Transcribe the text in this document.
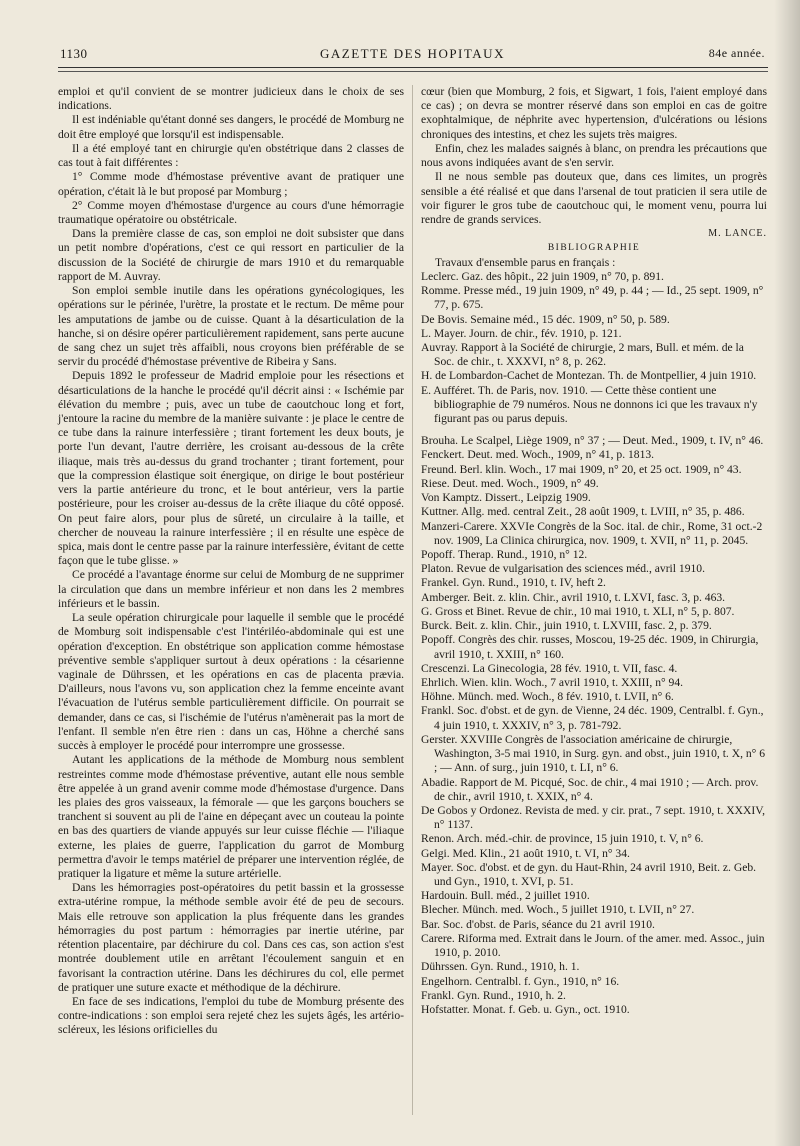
1130	GAZETTE DES HOPITAUX	84e année.

emploi et qu'il convient de se montrer judicieux dans le choix de ses indications.

Il est indéniable qu'étant donné ses dangers, le procédé de Momburg ne doit être employé que lorsqu'il est indispensable.

Il a été employé tant en chirurgie qu'en obstétrique dans 2 classes de cas tout à fait différentes :

1° Comme mode d'hémostase préventive avant de pratiquer une opération, c'était là le but proposé par Momburg ;

2° Comme moyen d'hémostase d'urgence au cours d'une hémorragie traumatique opératoire ou obstétricale.

Dans la première classe de cas, son emploi ne doit subsister que dans un petit nombre d'opérations, c'est ce qui ressort en particulier de la discussion de la Société de chirurgie de mars 1910 et du remarquable rapport de M. Auvray.

Son emploi semble inutile dans les opérations gynécologiques, les opérations sur le périnée, l'urètre, la prostate et le rectum. De même pour les amputations de jambe ou de cuisse. Quant à la désarticulation de la hanche, si on désire opérer particulièrement rapidement, sans perte aucune de sang chez un sujet très affaibli, nous croyons bien préférable de se servir du procédé d'hémostase préventive de Ribeira y Sans.

Depuis 1892 le professeur de Madrid emploie pour les résections et désarticulations de la hanche le procédé qu'il décrit ainsi : « Ischémie par élévation du membre ; puis, avec un tube de caoutchouc long et fort, j'entoure la racine du membre de la manière suivante : je place le centre de ce tube dans la rainure interfessière ; tirant fortement les deux bouts, je porte l'un devant, l'autre derrière, les croisant au-dessous de la crête iliaque, mais très au-dessus du grand trochanter ; tirant fortement, pour que la compression élastique soit énergique, on dirige le bout postérieur vers la partie antérieure du tronc, et le bout antérieur, vers la partie postérieure, pour les croiser au-dessus de la crête iliaque du côté opposé. On peut faire alors, pour plus de sûreté, un circulaire à la taille, et chercher de nouveau la rainure interfessière ; il en résulte une espèce de spica, mais dont le centre passe par la rainure interfessière, évitant de cette façon que le tube glisse. »

Ce procédé a l'avantage énorme sur celui de Momburg de ne supprimer la circulation que dans un membre inférieur et non dans les 2 membres inférieurs et le bassin.

La seule opération chirurgicale pour laquelle il semble que le procédé de Momburg soit indispensable c'est l'intériléo-abdominale qui est une opération d'exception. En obstétrique son application comme hémostase préventive semble s'appliquer surtout à deux opérations : la césarienne vaginale de Dührssen, et les opérations en cas de placenta prævia. D'ailleurs, nous l'avons vu, son application chez la femme enceinte avant l'évacuation de l'utérus semble particulièrement difficile. On pourrait se demander, dans ce cas, si l'ischémie de l'utérus n'amènerait pas la mort de l'enfant. Il semble n'en être rien : dans un cas, Höhne a cherché sans succès à employer le procédé pour interrompre une grossesse.

Autant les applications de la méthode de Momburg nous semblent restreintes comme mode d'hémostase préventive, autant elle nous semble être appelée à un grand avenir comme mode d'hémostase d'urgence. Dans les plaies des gros vaisseaux, la fémorale — que les garçons bouchers se tranchent si souvent au pli de l'aine en dépeçant avec un couteau la pointe en bas des quartiers de viande appuyés sur leur cuisse fléchie — l'iliaque externe, les plaies de guerre, l'application du garrot de Momburg permettra d'avoir le temps matériel de préparer une intervention réglée, de pratiquer la ligature et même la suture artérielle.

Dans les hémorragies post-opératoires du petit bassin et la grossesse extra-utérine rompue, la méthode semble avoir été de peu de secours. Mais elle retrouve son application la plus fréquente dans les grandes hémorragies du post partum : hémorragies par inertie utérine, par rétention placentaire, par déchirure du col. Dans ces cas, son action s'est montrée doublement utile en arrêtant l'écoulement sanguin et en favorisant la contraction utérine. Dans les déchirures du col, elle permet de pratiquer une suture exacte et méthodique de la déchirure.

En face de ses indications, l'emploi du tube de Momburg présente des contre-indications : son emploi sera rejeté chez les sujets âgés, les artério-scléreux, les lésions orificielles du

cœur (bien que Momburg, 2 fois, et Sigwart, 1 fois, l'aient employé dans ce cas) ; on devra se montrer réservé dans son emploi en cas de goitre exophtalmique, de néphrite avec hypertension, d'ulcérations ou lésions chroniques des intestins, et chez les sujets très maigres.

Enfin, chez les malades saignés à blanc, on prendra les précautions que nous avons indiquées avant de s'en servir.

Il ne nous semble pas douteux que, dans ces limites, un progrès sensible a été réalisé et que dans l'arsenal de tout praticien il sera utile de voir figurer le gros tube de caoutchouc qui, le moment venu, pourra lui rendre de grands services.

M. LANCE.

BIBLIOGRAPHIE

Travaux d'ensemble parus en français :

Leclerc. Gaz. des hôpit., 22 juin 1909, n° 70, p. 891.

Romme. Presse méd., 19 juin 1909, n° 49, p. 44 ; — Id., 25 sept. 1909, n° 77, p. 675.

De Bovis. Semaine méd., 15 déc. 1909, n° 50, p. 589.

L. Mayer. Journ. de chir., fév. 1910, p. 121.

Auvray. Rapport à la Société de chirurgie, 2 mars, Bull. et mém. de la Soc. de chir., t. XXXVI, n° 8, p. 262.

H. de Lombardon-Cachet de Montezan. Th. de Montpellier, 4 juin 1910.

E. Aufféret. Th. de Paris, nov. 1910. — Cette thèse contient une bibliographie de 79 numéros. Nous ne donnons ici que les travaux n'y figurant pas ou parus depuis.

Brouha. Le Scalpel, Liège 1909, n° 37 ; — Deut. Med., 1909, t. IV, n° 46.

Fenckert. Deut. med. Woch., 1909, n° 41, p. 1813.

Freund. Berl. klin. Woch., 17 mai 1909, n° 20, et 25 oct. 1909, n° 43.

Riese. Deut. med. Woch., 1909, n° 49.

Von Kamptz. Dissert., Leipzig 1909.

Kuttner. Allg. med. central Zeit., 28 août 1909, t. LVIII, n° 35, p. 486.

Manzeri-Carere. XXVIe Congrès de la Soc. ital. de chir., Rome, 31 oct.-2 nov. 1909, La Clinica chirurgica, nov. 1909, t. XVII, n° 11, p. 2045.

Popoff. Therap. Rund., 1910, n° 12.

Platon. Revue de vulgarisation des sciences méd., avril 1910.

Frankel. Gyn. Rund., 1910, t. IV, heft 2.

Amberger. Beit. z. klin. Chir., avril 1910, t. LXVI, fasc. 3, p. 463.

G. Gross et Binet. Revue de chir., 10 mai 1910, t. XLI, n° 5, p. 807.

Burck. Beit. z. klin. Chir., juin 1910, t. LXVIII, fasc. 2, p. 379.

Popoff. Congrès des chir. russes, Moscou, 19-25 déc. 1909, in Chirurgia, avril 1910, t. XXIII, n° 160.

Crescenzi. La Ginecologia, 28 fév. 1910, t. VII, fasc. 4.

Ehrlich. Wien. klin. Woch., 7 avril 1910, t. XXIII, n° 94.

Höhne. Münch. med. Woch., 8 fév. 1910, t. LVII, n° 6.

Frankl. Soc. d'obst. et de gyn. de Vienne, 24 déc. 1909, Centralbl. f. Gyn., 4 juin 1910, t. XXXIV, n° 3, p. 781-792.

Gerster. XXVIIIe Congrès de l'association américaine de chirurgie, Washington, 3-5 mai 1910, in Surg. gyn. and obst., juin 1910, t. X, n° 6 ; — Ann. of surg., juin 1910, t. LI, n° 6.

Abadie. Rapport de M. Picqué, Soc. de chir., 4 mai 1910 ; — Arch. prov. de chir., avril 1910, t. XXIX, n° 4.

De Gobos y Ordonez. Revista de med. y cir. prat., 7 sept. 1910, t. XXXIV, n° 1137.

Renon. Arch. méd.-chir. de province, 15 juin 1910, t. V, n° 6.

Gelgi. Med. Klin., 21 août 1910, t. VI, n° 34.

Mayer. Soc. d'obst. et de gyn. du Haut-Rhin, 24 avril 1910, Beit. z. Geb. und Gyn., 1910, t. XVI, p. 51.

Hardouin. Bull. méd., 2 juillet 1910.

Blecher. Münch. med. Woch., 5 juillet 1910, t. LVII, n° 27.

Bar. Soc. d'obst. de Paris, séance du 21 avril 1910.

Carere. Riforma med. Extrait dans le Journ. of the amer. med. Assoc., juin 1910, p. 2010.

Dührssen. Gyn. Rund., 1910, h. 1.

Engelhorn. Centralbl. f. Gyn., 1910, n° 16.

Frankl. Gyn. Rund., 1910, h. 2.

Hofstatter. Monat. f. Geb. u. Gyn., oct. 1910.
